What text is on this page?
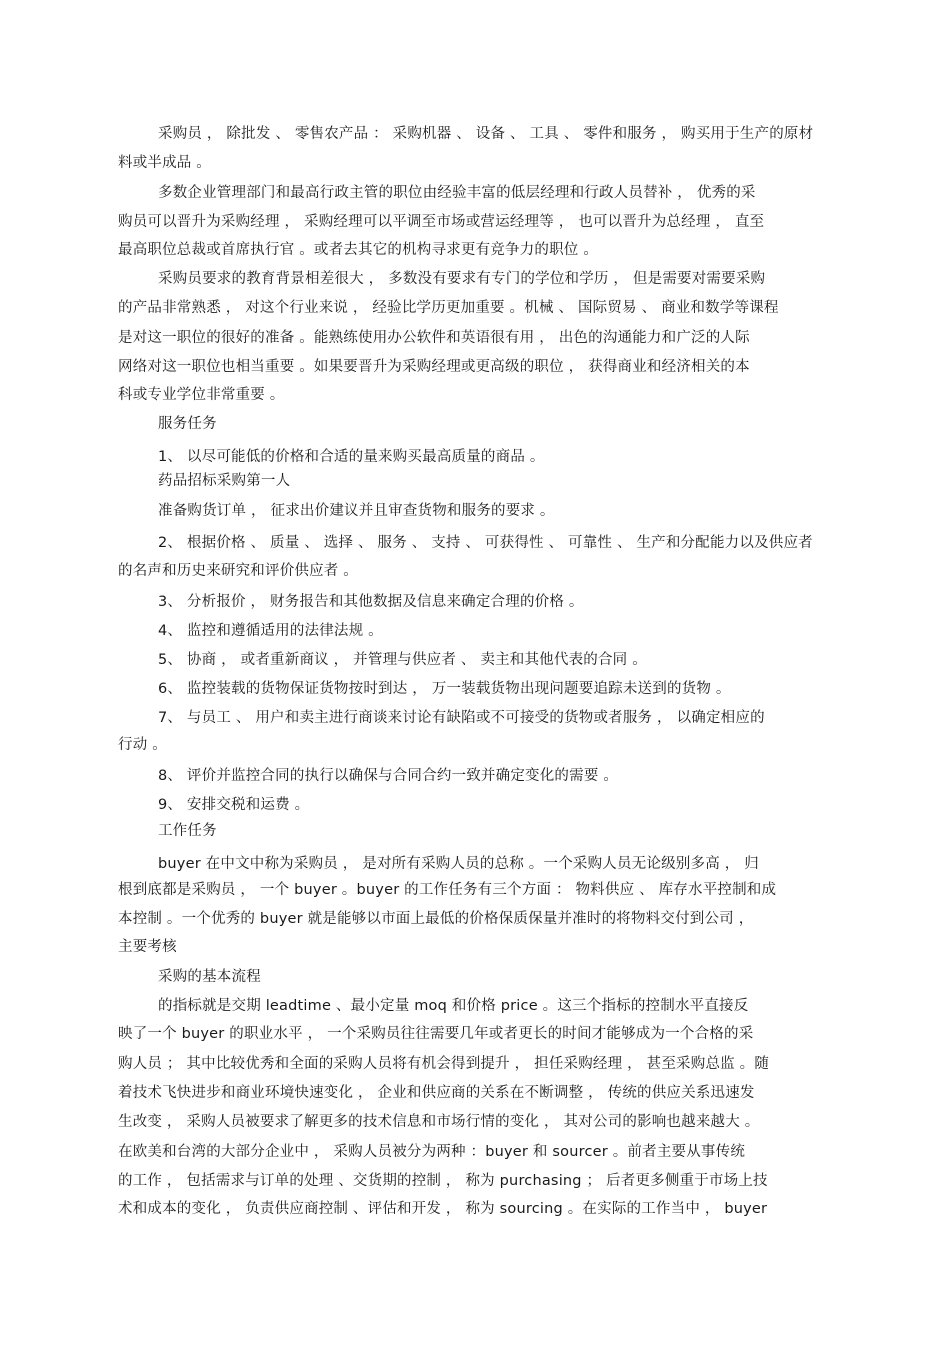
采购员 ， 除批发 、 零售农产品 ： 采购机器 、 设备 、 工具 、 零件和服务 ， 购买用于生产的原材
料或半成品 。
多数企业管理部门和最高行政主管的职位由经验丰富的低层经理和行政人员替补 ， 优秀的采
购员可以晋升为采购经理 ， 采购经理可以平调至市场或营运经理等 ， 也可以晋升为总经理 ， 直至
最高职位总裁或首席执行官 。或者去其它的机构寻求更有竞争力的职位 。
采购员要求的教育背景相差很大 ， 多数没有要求有专门的学位和学历 ， 但是需要对需要采购
的产品非常熟悉 ， 对这个行业来说 ， 经验比学历更加重要 。机械 、 国际贸易 、 商业和数学等课程
是对这一职位的很好的准备 。能熟练使用办公软件和英语很有用 ， 出色的沟通能力和广泛的人际
网络对这一职位也相当重要 。如果要晋升为采购经理或更高级的职位 ， 获得商业和经济相关的本
科或专业学位非常重要 。
服务任务
1、 以尽可能低的价格和合适的量来购买最高质量的商品 。
药品招标采购第一人
准备购货订单 ， 征求出价建议并且审查货物和服务的要求 。
2、 根据价格 、 质量 、 选择 、 服务 、 支持 、 可获得性 、 可靠性 、 生产和分配能力以及供应者
的名声和历史来研究和评价供应者 。
3、 分析报价 ， 财务报告和其他数据及信息来确定合理的价格 。
4、 监控和遵循适用的法律法规 。
5、 协商 ， 或者重新商议 ， 并管理与供应者 、 卖主和其他代表的合同 。
6、 监控装载的货物保证货物按时到达 ， 万一装载货物出现问题要追踪未送到的货物 。
7、 与员工 、 用户和卖主进行商谈来讨论有缺陷或不可接受的货物或者服务 ， 以确定相应的
行动 。
8、 评价并监控合同的执行以确保与合同合约一致并确定变化的需要 。
9、 安排交税和运费 。
工作任务
buyer 在中文中称为采购员 ， 是对所有采购人员的总称 。一个采购人员无论级别多高 ， 归
根到底都是采购员 ， 一个 buyer 。buyer 的工作任务有三个方面 ： 物料供应 、 库存水平控制和成
本控制 。一个优秀的 buyer 就是能够以市面上最低的价格保质保量并准时的将物料交付到公司 ，
主要考核
采购的基本流程
的指标就是交期 leadtime 、最小定量 moq 和价格 price 。这三个指标的控制水平直接反
映了一个 buyer 的职业水平 ， 一个采购员往往需要几年或者更长的时间才能够成为一个合格的采
购人员 ； 其中比较优秀和全面的采购人员将有机会得到提升 ， 担任采购经理 ， 甚至采购总监 。随
着技术飞快进步和商业环境快速变化 ， 企业和供应商的关系在不断调整 ， 传统的供应关系迅速发
生改变 ， 采购人员被要求了解更多的技术信息和市场行情的变化 ， 其对公司的影响也越来越大 。
在欧美和台湾的大部分企业中 ， 采购人员被分为两种 ：buyer 和 sourcer 。前者主要从事传统
的工作 ， 包括需求与订单的处理 、交货期的控制 ， 称为 purchasing ； 后者更多侧重于市场上技
术和成本的变化 ， 负责供应商控制 、评估和开发 ， 称为 sourcing 。在实际的工作当中 ， buyer
